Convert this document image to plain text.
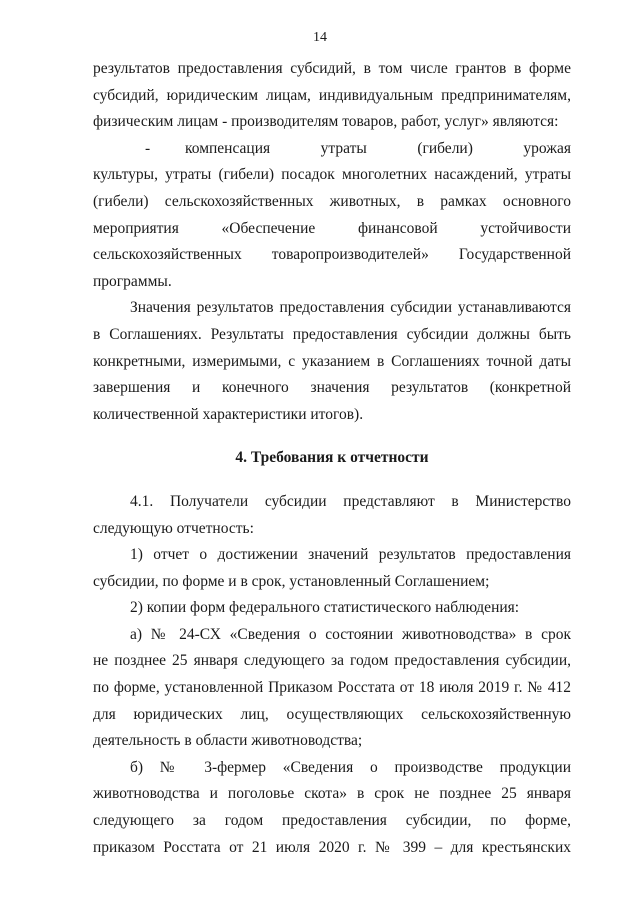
14
результатов предоставления субсидий, в том числе грантов в форме
субсидий, юридическим лицам, индивидуальным предпринимателям,
физическим лицам - производителям товаров, работ, услуг» являются:
-	компенсация утраты (гибели) урожая
культуры, утраты (гибели) посадок многолетних насаждений, утраты
(гибели) сельскохозяйственных животных, в рамках основного
мероприятия «Обеспечение финансовой устойчивости
сельскохозяйственных товаропроизводителей» Государственной
программы.
Значения результатов предоставления субсидии устанавливаются
в Соглашениях. Результаты предоставления субсидии должны быть
конкретными, измеримыми, с указанием в Соглашениях точной даты
завершения и конечного значения результатов (конкретной
количественной характеристики итогов).
4. Требования к отчетности
4.1. Получатели субсидии представляют в Министерство
следующую отчетность:
1) отчет о достижении значений результатов предоставления
субсидии, по форме и в срок, установленный Соглашением;
2) копии форм федерального статистического наблюдения:
а) № 24-СХ «Сведения о состоянии животноводства» в срок
не позднее 25 января следующего за годом предоставления субсидии,
по форме, установленной Приказом Росстата от 18 июля 2019 г. № 412
для юридических лиц, осуществляющих сельскохозяйственную
деятельность в области животноводства;
б) № 3-фермер «Сведения о производстве продукции
животноводства и поголовье скота» в срок не позднее 25 января
следующего за годом предоставления субсидии, по форме,
приказом Росстата от 21 июля 2020 г. № 399 – для крестьянских
